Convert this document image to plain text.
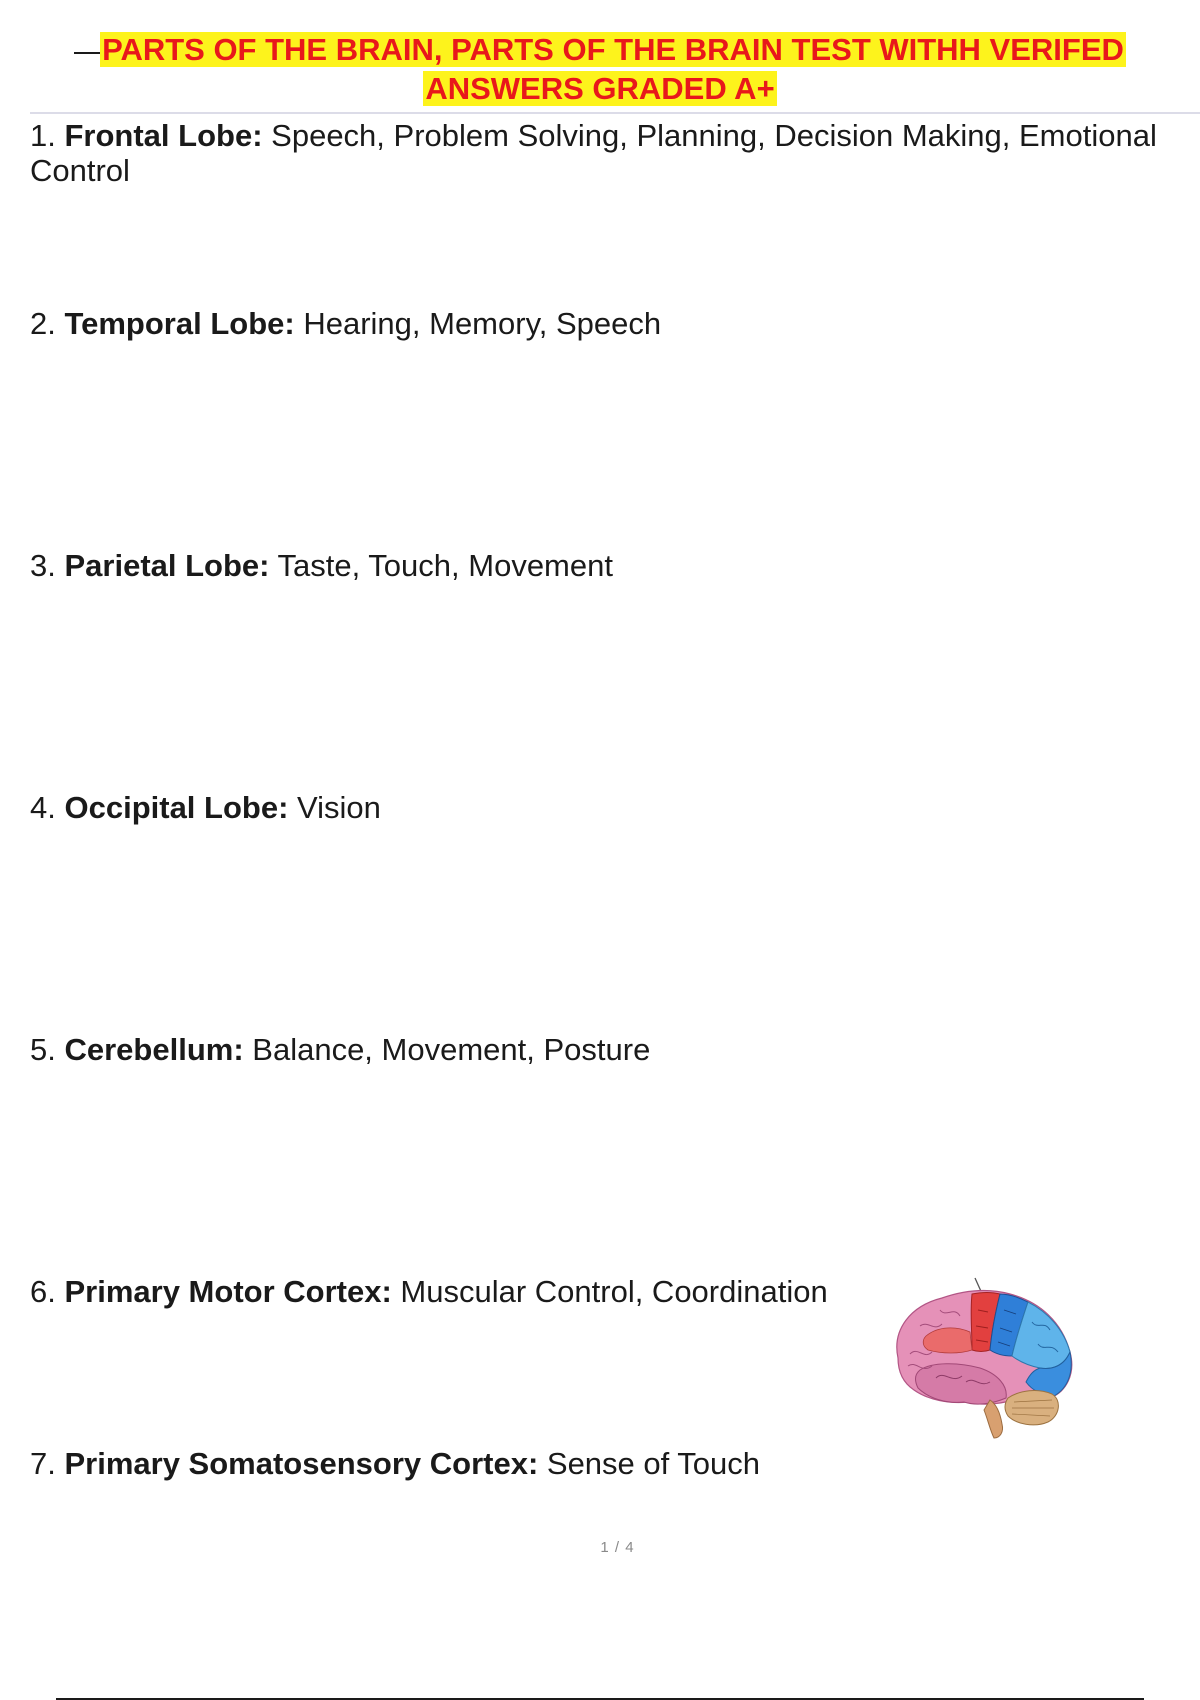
PARTS OF THE BRAIN, PARTS OF THE BRAIN TEST WITHH VERIFED
ANSWERS GRADED A+
1. Frontal Lobe: Speech, Problem Solving, Planning, Decision Making, Emotional Control
2. Temporal Lobe: Hearing, Memory, Speech
3. Parietal Lobe: Taste, Touch, Movement
4. Occipital Lobe: Vision
5. Cerebellum: Balance, Movement, Posture
6. Primary Motor Cortex: Muscular Control, Coordination
7. Primary Somatosensory Cortex: Sense of Touch
1 / 4
